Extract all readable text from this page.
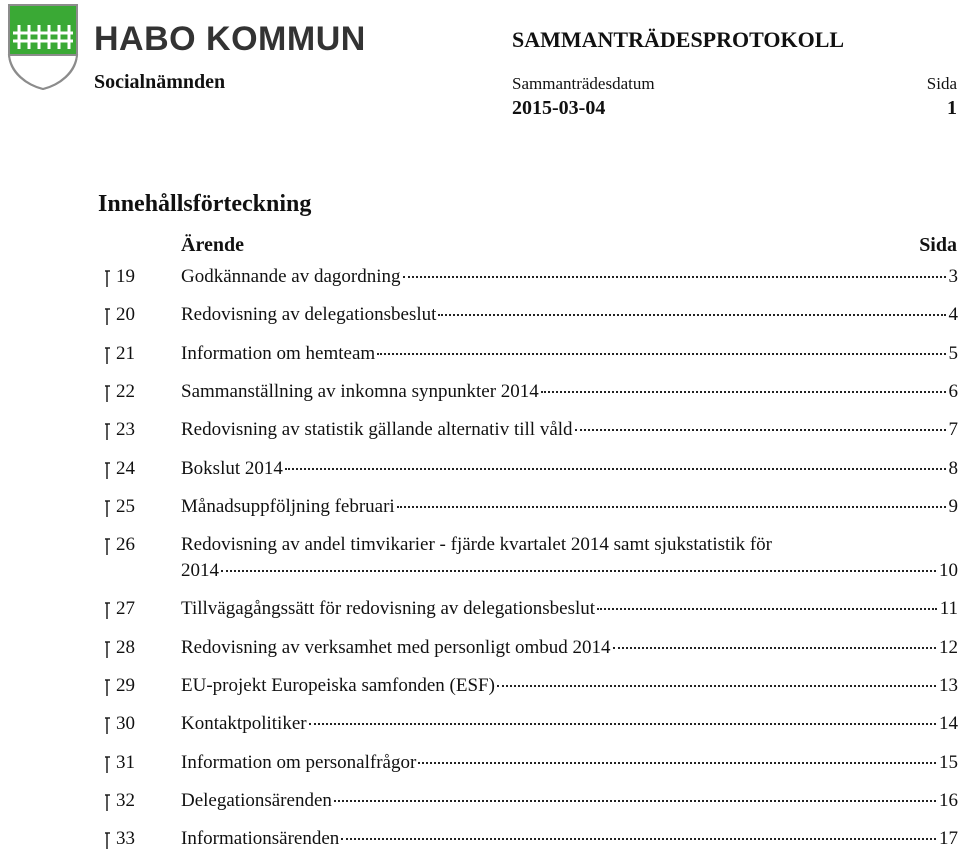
HABO KOMMUN	SAMMANTRÄDESPROTOKOLL
Socialnämnden	Sammanträdesdatum	Sida
2015-03-04	1
Innehållsförteckning
Ärende	Sida
19	Godkännande av dagordning	3
20	Redovisning av delegationsbeslut	4
21	Information om hemteam	5
22	Sammanställning av inkomna synpunkter 2014	6
23	Redovisning av statistik gällande alternativ till våld	7
24	Bokslut 2014	8
25	Månadsuppföljning februari	9
26	Redovisning av andel timvikarier - fjärde kvartalet 2014 samt sjukstatistik för
2014	10
27	Tillvägagångssätt för redovisning av delegationsbeslut	11
28	Redovisning av verksamhet med personligt ombud 2014	12
29	EU-projekt Europeiska samfonden (ESF)	13
30	Kontaktpolitiker	14
31	Information om personalfrågor	15
32	Delegationsärenden	16
33	Informationsärenden	17
